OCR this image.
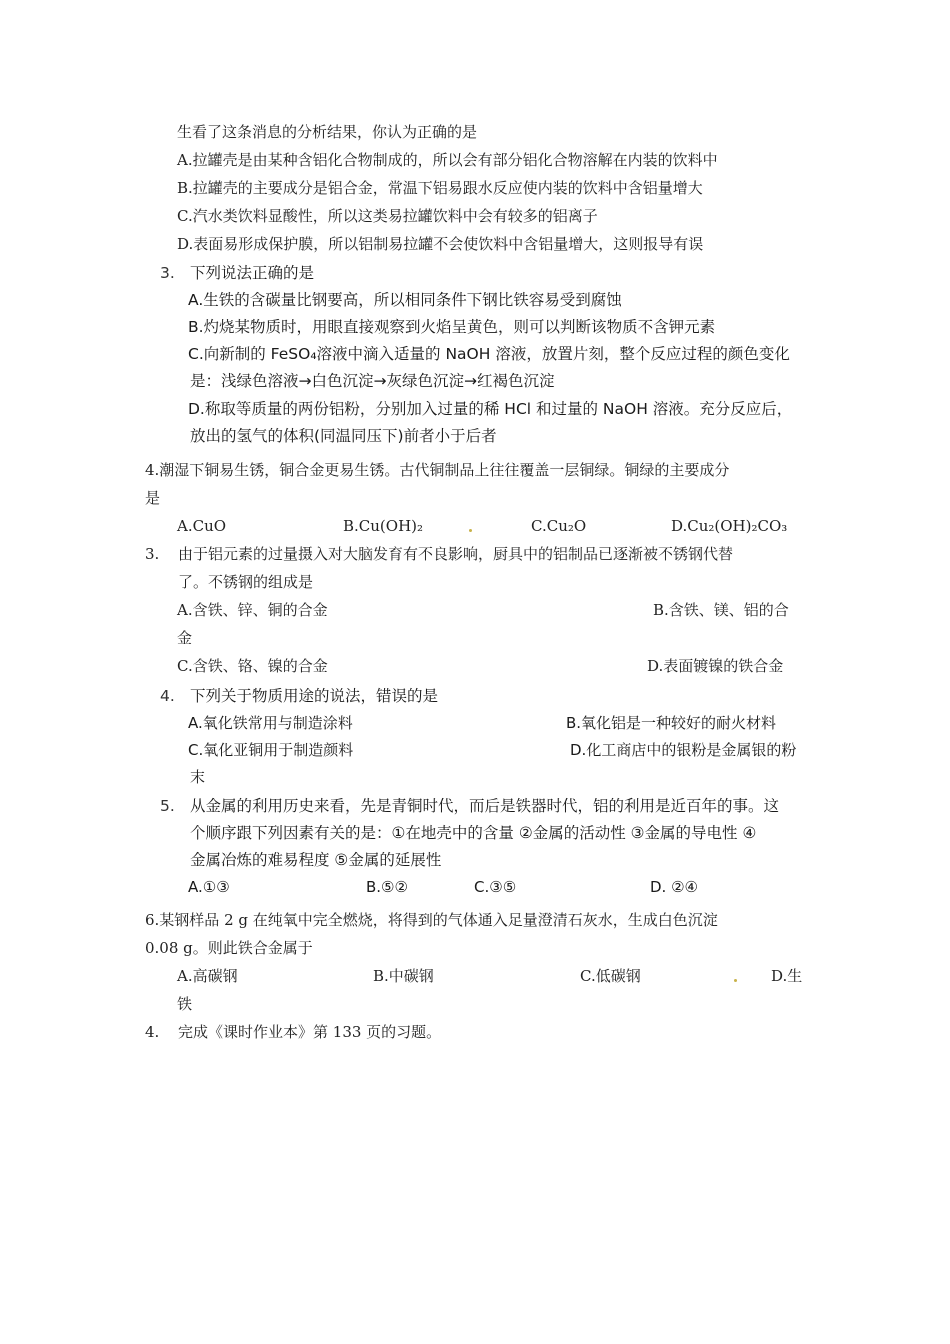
生看了这条消息的分析结果，你认为正确的是
A.拉罐壳是由某种含铝化合物制成的，所以会有部分铝化合物溶解在内装的饮料中
B.拉罐壳的主要成分是铝合金，常温下铝易跟水反应使内装的饮料中含铝量增大
C.汽水类饮料显酸性，所以这类易拉罐饮料中会有较多的铝离子
D.表面易形成保护膜，所以铝制易拉罐不会使饮料中含铝量增大，这则报导有误
3. 下列说法正确的是
A.生铁的含碳量比钢要高，所以相同条件下钢比铁容易受到腐蚀
B.灼烧某物质时，用眼直接观察到火焰呈黄色，则可以判断该物质不含钾元素
C.向新制的 FeSO₄溶液中滴入适量的 NaOH 溶液，放置片刻，整个反应过程的颜色变化
是：浅绿色溶液→白色沉淀→灰绿色沉淀→红褐色沉淀
D.称取等质量的两份铝粉，分别加入过量的稀 HCl 和过量的 NaOH 溶液。充分反应后，
放出的氢气的体积(同温同压下)前者小于后者
4.潮湿下铜易生锈，铜合金更易生锈。古代铜制品上往往覆盖一层铜绿。铜绿的主要成分
是
A.CuO	B.Cu(OH)₂	C.Cu₂O	D.Cu₂(OH)₂CO₃
3. 由于铝元素的过量摄入对大脑发育有不良影响，厨具中的铝制品已逐渐被不锈钢代替
了。不锈钢的组成是
A.含铁、锌、铜的合金	B.含铁、镁、铝的合
金
C.含铁、铬、镍的合金	D.表面镀镍的铁合金
4. 下列关于物质用途的说法，错误的是
A.氧化铁常用与制造涂料	B.氧化铝是一种较好的耐火材料
C.氧化亚铜用于制造颜料	D.化工商店中的银粉是金属银的粉
末
5. 从金属的利用历史来看，先是青铜时代，而后是铁器时代，铝的利用是近百年的事。这
个顺序跟下列因素有关的是：①在地壳中的含量 ②金属的活动性 ③金属的导电性 ④
金属冶炼的难易程度 ⑤金属的延展性
A.①③	B.⑤②	C.③⑤	D. ②④
6.某钢样品 2 g 在纯氧中完全燃烧，将得到的气体通入足量澄清石灰水，生成白色沉淀
0.08 g。则此铁合金属于
A.高碳钢	B.中碳钢	C.低碳钢	D.生
铁
4. 完成《课时作业本》第 133 页的习题。
